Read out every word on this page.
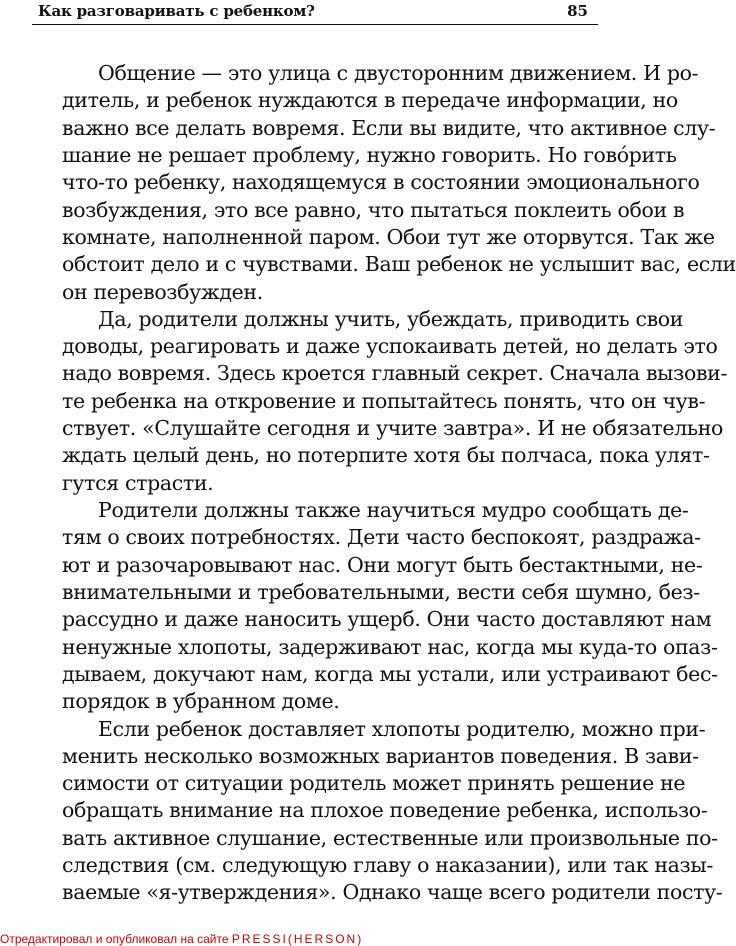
Как разговаривать с ребенком?	85
Общение — это улица с двусторонним движением. И ро-
дитель, и ребенок нуждаются в передаче информации, но
важно все делать вовремя. Если вы видите, что активное слу-
шание не решает проблему, нужно говорить. Но говóрить
что-то ребенку, находящемуся в состоянии эмоционального
возбуждения, это все равно, что пытаться поклеить обои в
комнате, наполненной паром. Обои тут же оторвутся. Так же
обстоит дело и с чувствами. Ваш ребенок не услышит вас, если
он перевозбужден.
Да, родители должны учить, убеждать, приводить свои
доводы, реагировать и даже успокаивать детей, но делать это
надо вовремя. Здесь кроется главный секрет. Сначала вызови-
те ребенка на откровение и попытайтесь понять, что он чув-
ствует. «Слушайте сегодня и учите завтра». И не обязательно
ждать целый день, но потерпите хотя бы полчаса, пока улят-
гутся страсти.
Родители должны также научиться мудро сообщать де-
тям о своих потребностях. Дети часто беспокоят, раздража-
ют и разочаровывают нас. Они могут быть бестактными, не-
внимательными и требовательными, вести себя шумно, без-
рассудно и даже наносить ущерб. Они часто доставляют нам
ненужные хлопоты, задерживают нас, когда мы куда-то опаз-
дываем, докучают нам, когда мы устали, или устраивают бес-
порядок в убранном доме.
Если ребенок доставляет хлопоты родителю, можно при-
менить несколько возможных вариантов поведения. В зави-
симости от ситуации родитель может принять решение не
обращать внимание на плохое поведение ребенка, использо-
вать активное слушание, естественные или произвольные по-
следствия (см. следующую главу о наказании), или так назы-
ваемые «я-утверждения». Однако чаще всего родители посту-
Отредактировал и опубликовал на сайте PRESSI(HERSON)
